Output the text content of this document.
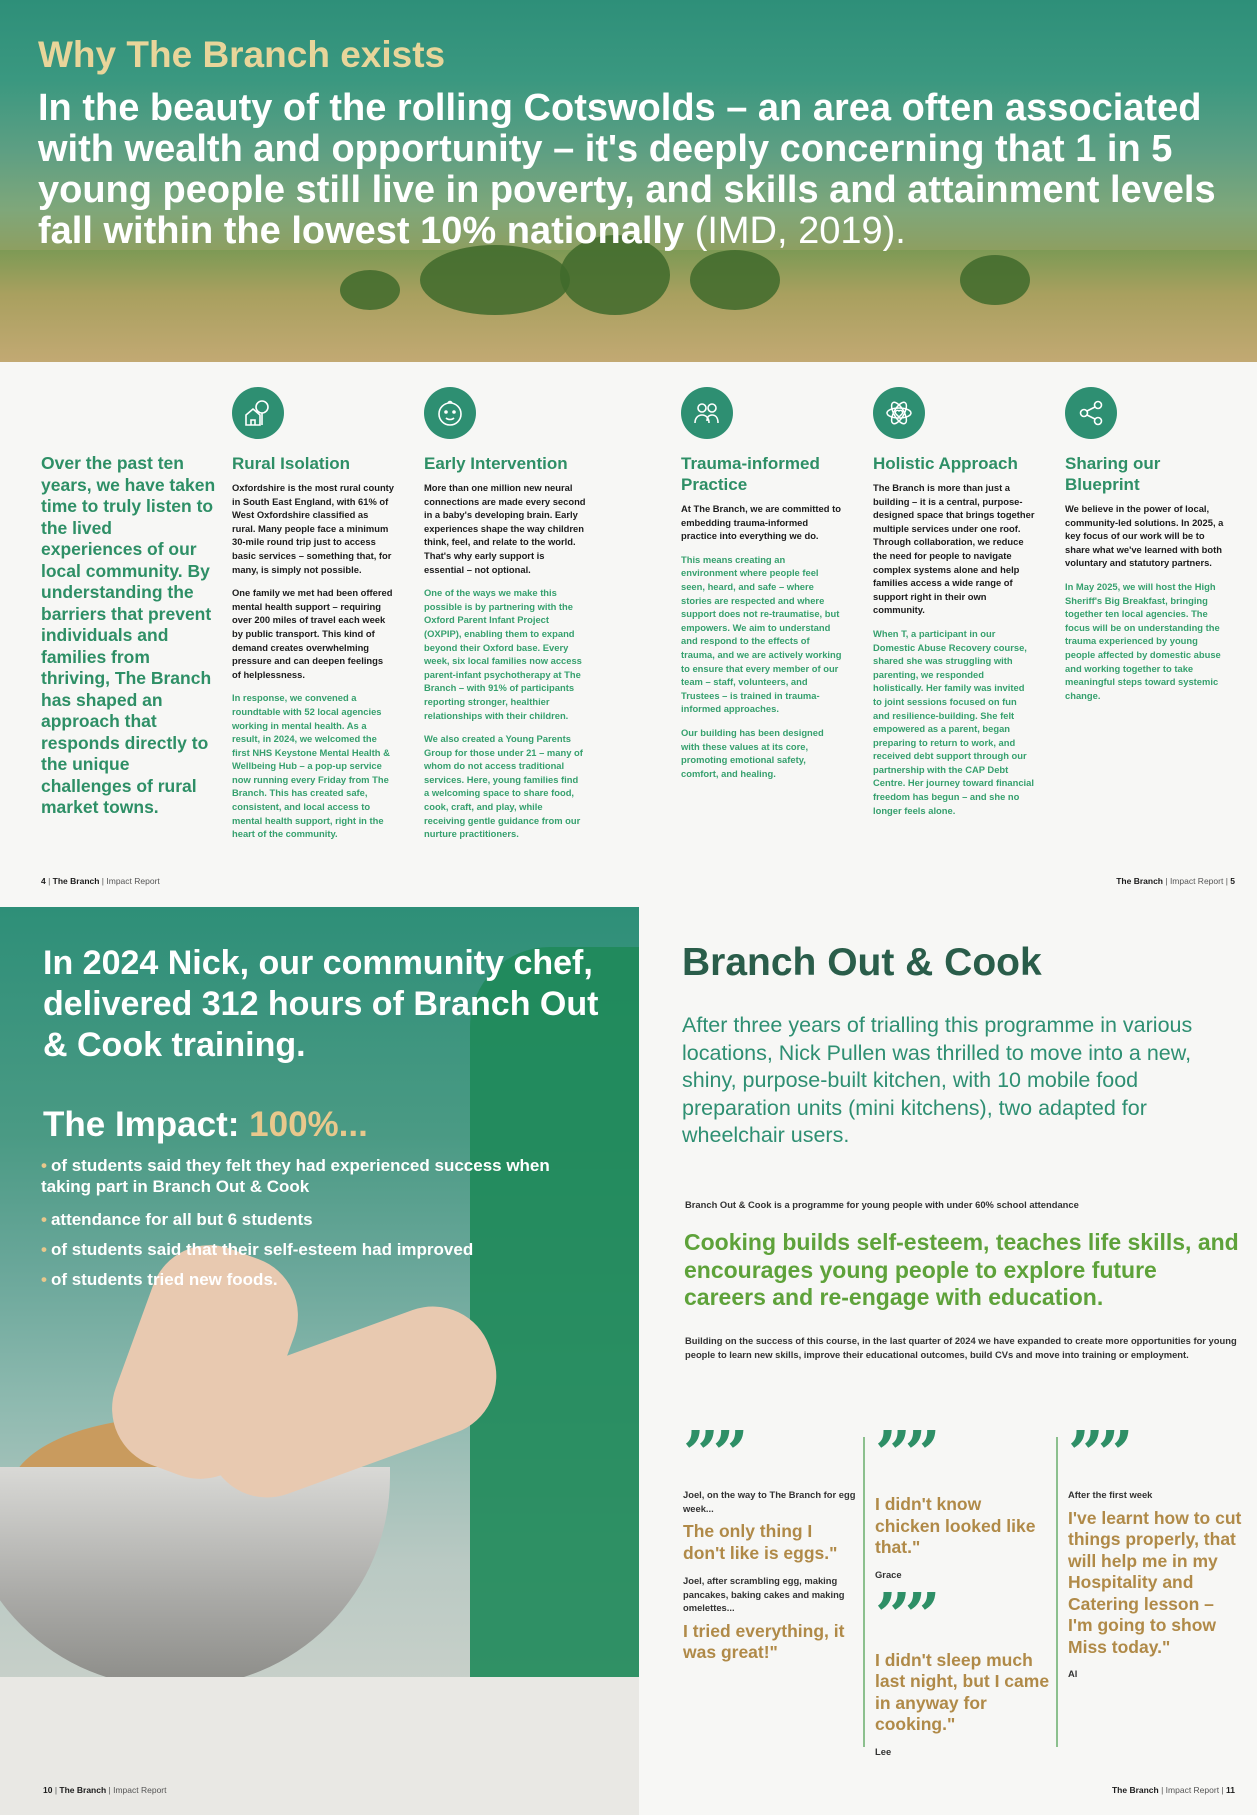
Why The Branch exists
In the beauty of the rolling Cotswolds – an area often associated with wealth and opportunity – it's deeply concerning that 1 in 5 young people still live in poverty, and skills and attainment levels fall within the lowest 10% nationally (IMD, 2019).
Over the past ten years, we have taken time to truly listen to the lived experiences of our local community. By understanding the barriers that prevent individuals and families from thriving, The Branch has shaped an approach that responds directly to the unique challenges of rural market towns.
Rural Isolation

Oxfordshire is the most rural county in South East England, with 61% of West Oxfordshire classified as rural. Many people face a minimum 30-mile round trip just to access basic services – something that, for many, is simply not possible.

One family we met had been offered mental health support – requiring over 200 miles of travel each week by public transport. This kind of demand creates overwhelming pressure and can deepen feelings of helplessness.

In response, we convened a roundtable with 52 local agencies working in mental health. As a result, in 2024, we welcomed the first NHS Keystone Mental Health & Wellbeing Hub – a pop-up service now running every Friday from The Branch. This has created safe, consistent, and local access to mental health support, right in the heart of the community.

Early Intervention

More than one million new neural connections are made every second in a baby's developing brain. Early experiences shape the way children think, feel, and relate to the world. That's why early support is essential – not optional.

One of the ways we make this possible is by partnering with the Oxford Parent Infant Project (OXPIP), enabling them to expand beyond their Oxford base. Every week, six local families now access parent-infant psychotherapy at The Branch – with 91% of participants reporting stronger, healthier relationships with their children.

We also created a Young Parents Group for those under 21 – many of whom do not access traditional services. Here, young families find a welcoming space to share food, cook, craft, and play, while receiving gentle guidance from our nurture practitioners.

Trauma-informed Practice

At The Branch, we are committed to embedding trauma-informed practice into everything we do.

This means creating an environment where people feel seen, heard, and safe – where stories are respected and where support does not re-traumatise, but empowers. We aim to understand and respond to the effects of trauma, and we are actively working to ensure that every member of our team – staff, volunteers, and Trustees – is trained in trauma-informed approaches.

Our building has been designed with these values at its core, promoting emotional safety, comfort, and healing.

Holistic Approach

The Branch is more than just a building – it is a central, purpose-designed space that brings together multiple services under one roof. Through collaboration, we reduce the need for people to navigate complex systems alone and help families access a wide range of support right in their own community.

When T, a participant in our Domestic Abuse Recovery course, shared she was struggling with parenting, we responded holistically. Her family was invited to joint sessions focused on fun and resilience-building. She felt empowered as a parent, began preparing to return to work, and received debt support through our partnership with the CAP Debt Centre. Her journey toward financial freedom has begun – and she no longer feels alone.

Sharing our Blueprint

We believe in the power of local, community-led solutions. In 2025, a key focus of our work will be to share what we've learned with both voluntary and statutory partners.

In May 2025, we will host the High Sheriff's Big Breakfast, bringing together ten local agencies. The focus will be on understanding the trauma experienced by young people affected by domestic abuse and working together to take meaningful steps toward systemic change.

4 | The Branch | Impact Report	The Branch | Impact Report | 5
In 2024 Nick, our community chef, delivered 312 hours of Branch Out & Cook training.
The Impact: 100%...
• of students said they felt they had experienced success when taking part in Branch Out & Cook
• attendance for all but 6 students
• of students said that their self-esteem had improved
• of students tried new foods.
10 | The Branch | Impact Report
Branch Out & Cook
After three years of trialling this programme in various locations, Nick Pullen was thrilled to move into a new, shiny, purpose-built kitchen, with 10 mobile food preparation units (mini kitchens), two adapted for wheelchair users.
Branch Out & Cook is a programme for young people with under 60% school attendance
Cooking builds self-esteem, teaches life skills, and encourages young people to explore future careers and re-engage with education.
Building on the success of this course, in the last quarter of 2024 we have expanded to create more opportunities for young people to learn new skills, improve their educational outcomes, build CVs and move into training or employment.
””
Joel, on the way to The Branch for egg week...
The only thing I don't like is eggs."
Joel, after scrambling egg, making pancakes, baking cakes and making omelettes...
I tried everything, it was great!"
””
I didn't know chicken looked like that."
Grace
””
I didn't sleep much last night, but I came in anyway for cooking."
Lee
””
After the first week
I've learnt how to cut things properly, that will help me in my Hospitality and Catering lesson – I'm going to show Miss today."
Al
The Branch | Impact Report | 11
